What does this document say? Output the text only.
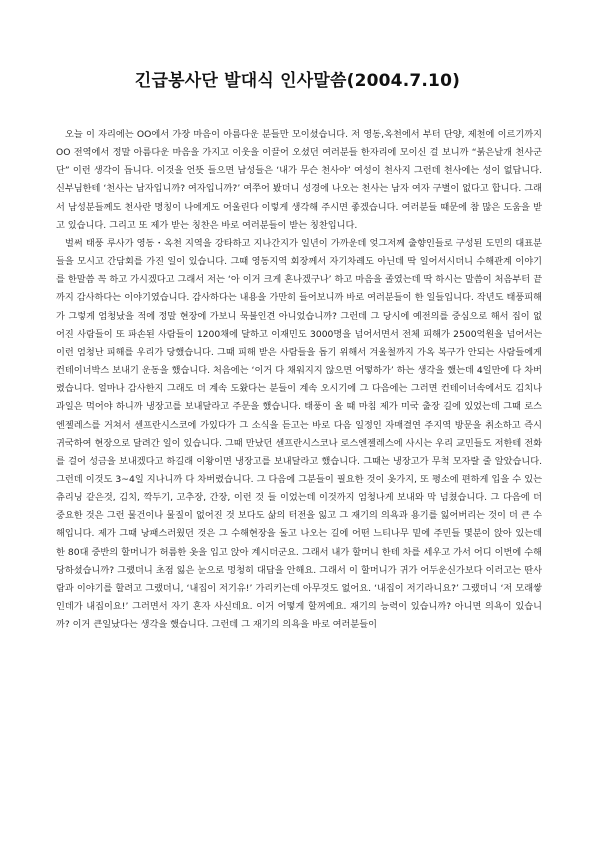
긴급봉사단 발대식 인사말씀(2004.7.10)

오늘 이 자리에는 OO에서 가장 마음이 아름다운 분들만 모이셨습니다. 저 영동,옥천에서 부터 단양, 제천에 이르기까지 OO 전역에서 정말 아름다운 마음을 가지고 이웃을 이끌어 오셨던 여러분들 한자리에 모이신 걸 보니까 “붉은날개 천사군단” 이런 생각이 듭니다. 이것을 언뜻 들으면 남성들은 ‘내가 무슨 천사야’ 여성이 천사지 그런데 천사에는 성이 없답니다. 신부님한테 ‘천사는 남자입니까? 여자입니까?’ 여쭈어 봤더니 성경에 나오는 천사는 남자 여자 구별이 없다고 합니다. 그래서 남성분들께도 천사란 명칭이 나에게도 어울린다 이렇게 생각해 주시면 좋겠습니다. 여러분들 때문에 참 많은 도움을 받고 있습니다. 그리고 또 제가 받는 칭찬은 바로 여러분들이 받는 칭찬입니다.

벌써 태풍 루사가 영동・옥천 지역을 강타하고 지나간지가 일년이 가까운데 엊그저께 출향인들로 구성된 도민의 대표분들을 모시고 간담회를 가진 일이 있습니다. 그때 영동지역 회장께서 자기차례도 아닌데 딱 일어서시더니 수해관계 이야기를 한말씀 꼭 하고 가시겠다고 그래서 저는 ‘아 이거 크게 혼나겠구나’ 하고 마음을 졸였는데 딱 하시는 말씀이 처음부터 끝까지 감사하다는 이야기였습니다. 감사하다는 내용을 가만히 들어보니까 바로 여러분들이 한 일들입니다. 작년도 태풍피해가 그렇게 엄청났을 적에 정말 현장에 가보니 묵불인견 아니었습니까? 그런데 그 당시에 예전의를 중심으로 해서 집이 없어진 사람들이 또 파손된 사람들이 1200채에 달하고 이재민도 3000명을 넘어서면서 전체 피해가 2500억원을 넘어서는 이런 엄청난 피해를 우리가 당했습니다. 그때 피해 받은 사람들을 돕기 위해서 겨울철까지 가옥 복구가 안되는 사람들에게 컨테이너박스 보내기 운동을 했습니다. 처음에는 ‘이거 다 채워지지 않으면 어떻하가’ 하는 생각을 했는데 4일만에 다 차버렸습니다. 얼마나 감사한지 그래도 더 계속 도왔다는 분들이 계속 오시기에 그 다음에는 그러면 컨테이너속에서도 김치나 과일은 먹어야 하니까 냉장고를 보내달라고 주문을 했습니다. 태풍이 올 때 마침 제가 미국 출장 길에 있었는데 그때 로스엔젤레스를 거쳐서 센프란시스코에 가있다가 그 소식을 듣고는 바로 다음 일정인 자매결연 주지역 방문을 취소하고 즉시 귀국하여 현장으로 달려간 일이 있습니다. 그때 만났던 센프란시스코나 로스엔젤레스에 사시는 우리 교민들도 저한테 전화를 걸어 성금을 보내겠다고 하길래 이왕이면 냉장고를 보내달라고 했습니다. 그때는 냉장고가 무척 모자랄 줄 알았습니다. 그런데 이것도 3~4일 지나니까 다 차버렸습니다. 그 다음에 그분들이 필요한 것이 옷가지, 또 평소에 편하게 입을 수 있는 츄리닝 같은것, 김치, 깍두기, 고추장, 간장, 이런 것 들 이었는데 이것까지 엄청나게 보내와 막 넘쳤습니다. 그 다음에 더 중요한 것은 그런 물건이나 물질이 없어진 것 보다도 삶의 터전을 잃고 그 재기의 의욕과 용기를 잃어버리는 것이 더 큰 수해입니다. 제가 그때 낭패스러웠던 것은 그 수해현장을 돌고 나오는 길에 어떤 느티나무 밑에 주민들 몇분이 앉아 있는데 한 80대 중반의 할머니가 허름한 옷을 입고 앉아 계시더군요. 그래서 내가 할머니 한테 차를 세우고 가서 어디 이번에 수해 당하셨습니까? 그랬더니 초점 잃은 눈으로 멍청히 대답을 안해요. 그래서 이 할머니가 귀가 어두운신가보다 이러고는 딴사람과 이야기를 할려고 그랬더니, ‘내집이 저기유!’ 가리키는데 아무것도 없어요. ‘내집이 저기라니요?’ 그랬더니 ‘저 모래쌓인데가 내집이요!’ 그러면서 자기 혼자 사신데요. 이거 어떻게 할꺼예요. 재기의 능력이 있습니까? 아니면 의욕이 있습니까? 이거 큰일났다는 생각을 했습니다. 그런데 그 재기의 의욕을 바로 여러분들이
